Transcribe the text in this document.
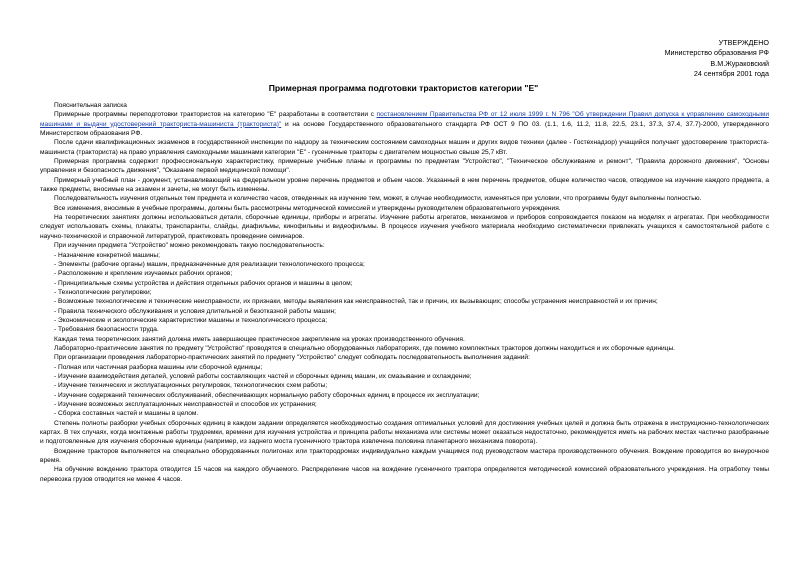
УТВЕРЖДЕНО
Министерство образования РФ
В.М.Жураковский
24 сентября 2001 года
Примерная программа подготовки трактористов категории "Е"

Пояснительная записка

Примерные программы переподготовки трактористов на категорию "Е" разработаны в соответствии с постановлением Правительства РФ от 12 июля 1999 г. N 796 "Об утверждении Правил допуска к управлению самоходными машинами и выдачи удостоверений тракториста-машиниста (тракториста)" и на основе Государственного образовательного стандарта РФ ОСТ 9 ПО 03. (1.1, 1.6, 11.2, 11.8, 22.5, 23.1, 37.3, 37.4, 37.7)-2000, утвержденного Министерством образования РФ.

После сдачи квалификационных экзаменов в государственной инспекции по надзору за техническим состоянием самоходных машин и других видов техники (далее - Гостехнадзор) учащийся получает удостоверение тракториста-машиниста (тракториста) на право управления самоходными машинами категории "Е" - гусеничные тракторы с двигателем мощностью свыше 25,7 кВт.

Примерная программа содержит профессиональную характеристику, примерные учебные планы и программы по предметам "Устройство", "Техническое обслуживание и ремонт", "Правила дорожного движения", "Основы управления и безопасность движения", "Оказание первой медицинской помощи".

Примерный учебный план - документ, устанавливающий на федеральном уровне перечень предметов и объем часов. Указанный в нем перечень предметов, общее количество часов, отводимое на изучение каждого предмета, а также предметы, вносимые на экзамен и зачеты, не могут быть изменены.

Последовательность изучения отдельных тем предмета и количество часов, отведенных на изучение тем, может, в случае необходимости, изменяться при условии, что программы будут выполнены полностью.

Все изменения, вносимые в учебные программы, должны быть рассмотрены методической комиссией и утверждены руководителем образовательного учреждения.

На теоретических занятиях должны использоваться детали, сборочные единицы, приборы и агрегаты. Изучение работы агрегатов, механизмов и приборов сопровождается показом на моделях и агрегатах. При необходимости следует использовать схемы, плакаты, транспаранты, слайды, диафильмы, кинофильмы и видеофильмы. В процессе изучения учебного материала необходимо систематически привлекать учащихся к самостоятельной работе с научно-технической и справочной литературой, практиковать проведение семинаров.

При изучении предмета "Устройство" можно рекомендовать такую последовательность:

- Назначение конкретной машины;

- Элементы (рабочие органы) машин, предназначенные для реализации технологического процесса;

- Расположение и крепление изучаемых рабочих органов;

- Принципиальные схемы устройства и действия отдельных рабочих органов и машины в целом;

- Технологические регулировки;

- Возможные технологические и технические неисправности, их признаки, методы выявления как неисправностей, так и причин, их вызывающих; способы устранения неисправностей и их причин;

- Правила технического обслуживания и условия длительной и безотказной работы машин;

- Экономические и экологические характеристики машины и технологического процесса;

- Требования безопасности труда.

Каждая тема теоретических занятий должна иметь завершающее практическое закрепление на уроках производственного обучения.

Лабораторно-практические занятия по предмету "Устройство" проводятся в специально оборудованных лабораториях, где помимо комплектных тракторов должны находиться и их сборочные единицы.

При организации проведения лабораторно-практических занятий по предмету "Устройство" следует соблюдать последовательность выполнения заданий:

- Полная или частичная разборка машины или сборочной единицы;

- Изучение взаимодействия деталей, условий работы составляющих частей и сборочных единиц машин, их смазывание и охлаждение;

- Изучение технических и эксплуатационных регулировок, технологических схем работы;

- Изучение содержаний технических обслуживаний, обеспечивающих нормальную работу сборочных единиц в процессе их эксплуатации;

- Изучение возможных эксплуатационных неисправностей и способов их устранения;

- Сборка составных частей и машины в целом.

Степень полноты разборки учебных сборочных единиц в каждом задании определяется необходимостью создания оптимальных условий для достижения учебных целей и должна быть отражена в инструкционно-технологических картах. В тех случаях, когда монтажные работы трудоемки, времени для изучения устройства и принципа работы механизма или системы может оказаться недостаточно, рекомендуется иметь на рабочих местах частично разобранные и подготовленные для изучения сборочные единицы (например, из заднего моста гусеничного трактора извлечена половина планетарного механизма поворота).

Вождение тракторов выполняется на специально оборудованных полигонах или трактородромах индивидуально каждым учащимся под руководством мастера производственного обучения. Вождение проводится во внеурочное время.

На обучение вождению трактора отводится 15 часов на каждого обучаемого. Распределение часов на вождение гусеничного трактора определяется методической комиссией образовательного учреждения. На отработку темы перевозка грузов отводится не менее 4 часов.
